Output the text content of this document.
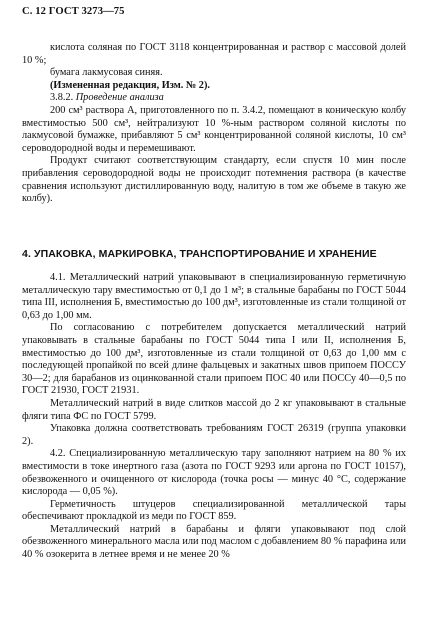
С. 12 ГОСТ 3273—75

кислота соляная по ГОСТ 3118 концентрированная и раствор с массовой долей 10 %;

бумага лакмусовая синяя.

(Измененная редакция, Изм. № 2).

3.8.2. Проведение анализа

200 см³ раствора А, приготовленного по п. 3.4.2, помещают в коническую колбу вместимостью 500 см³, нейтрализуют 10 %-ным раствором соляной кислоты по лакмусовой бумажке, прибавляют 5 см³ концентрированной соляной кислоты, 10 см³ сероводородной воды и перемешивают.

Продукт считают соответствующим стандарту, если спустя 10 мин после прибавления сероводородной воды не происходит потемнения раствора (в качестве сравнения используют дистиллированную воду, налитую в том же объеме в такую же колбу).

4. УПАКОВКА, МАРКИРОВКА, ТРАНСПОРТИРОВАНИЕ И ХРАНЕНИЕ

4.1. Металлический натрий упаковывают в специализированную герметичную металлическую тару вместимостью от 0,1 до 1 м³; в стальные барабаны по ГОСТ 5044 типа III, исполнения Б, вместимостью до 100 дм³, изготовленные из стали толщиной от 0,63 до 1,00 мм.

По согласованию с потребителем допускается металлический натрий упаковывать в стальные барабаны по ГОСТ 5044 типа I или II, исполнения Б, вместимостью до 100 дм³, изготовленные из стали толщиной от 0,63 до 1,00 мм с последующей пропайкой по всей длине фальцевых и закатных швов припоем ПОССУ 30—2; для барабанов из оцинкованной стали припоем ПОС 40 или ПОССу 40—0,5 по ГОСТ 21930, ГОСТ 21931.

Металлический натрий в виде слитков массой до 2 кг упаковывают в стальные фляги типа ФС по ГОСТ 5799.

Упаковка должна соответствовать требованиям ГОСТ 26319 (группа упаковки 2).

4.2. Специализированную металлическую тару заполняют натрием на 80 % их вместимости в токе инертного газа (азота по ГОСТ 9293 или аргона по ГОСТ 10157), обезвоженного и очищенного от кислорода (точка росы — минус 40 °С, содержание кислорода — 0,05 %).

Герметичность штуцеров специализированной металлической тары обеспечивают прокладкой из меди по ГОСТ 859.

Металлический натрий в барабаны и фляги упаковывают под слой обезвоженного минерального масла или под маслом с добавлением 80 % парафина или 40 % озокерита в летнее время и не менее 20 %
